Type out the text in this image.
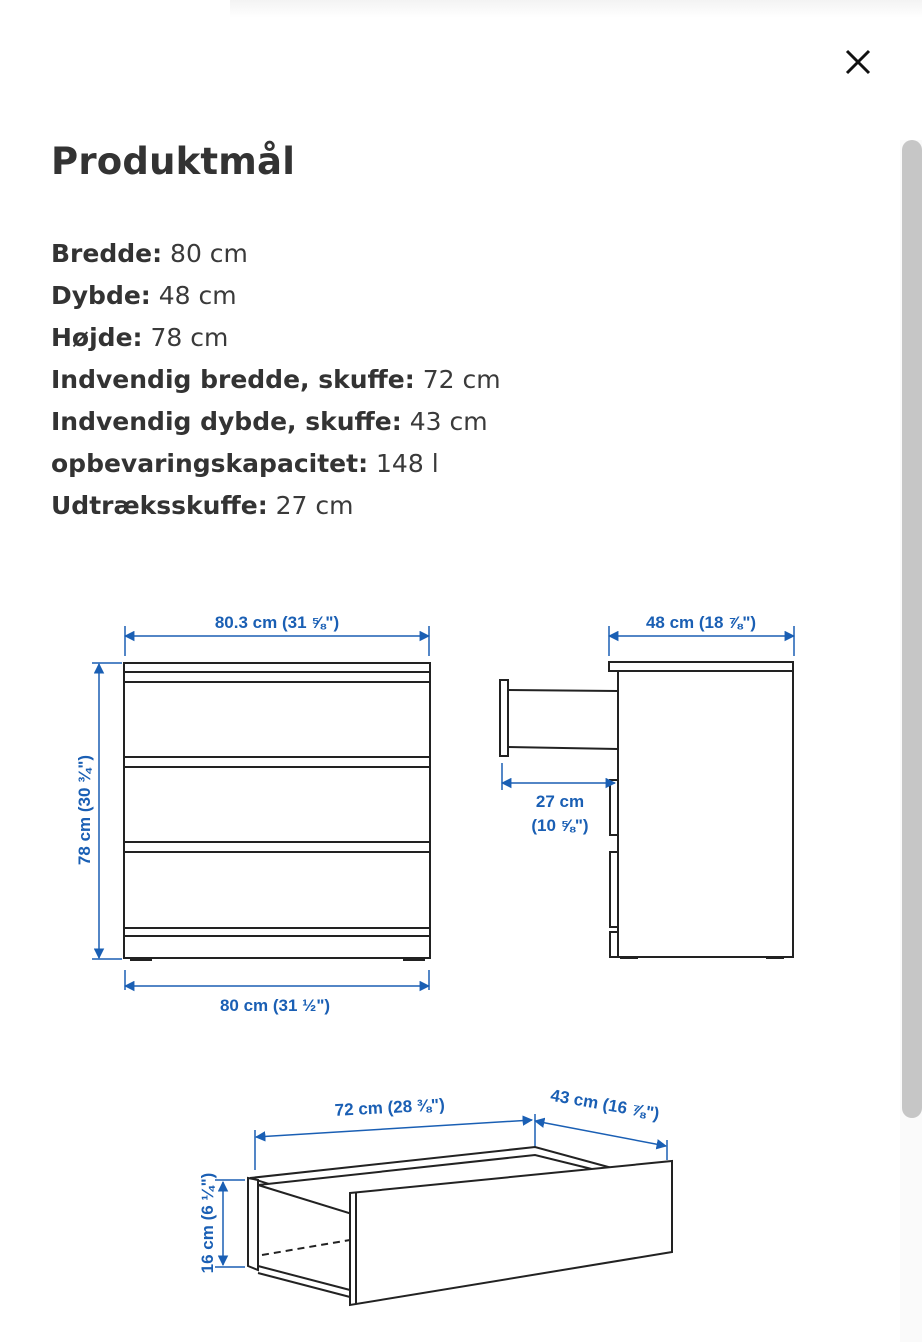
Produktmål
Bredde: 80 cm
Dybde: 48 cm
Højde: 78 cm
Indvendig bredde, skuffe: 72 cm
Indvendig dybde, skuffe: 43 cm
opbevaringskapacitet: 148 l
Udtræksskuffe: 27 cm
80.3 cm (31 ⅝")
78 cm (30 ¾")
80 cm (31 ½")
48 cm (18 ⅞")
27 cm
(10 ⅝")
72 cm (28 ⅜")	43 cm (16 ⅞")
16 cm (6 ¼")
